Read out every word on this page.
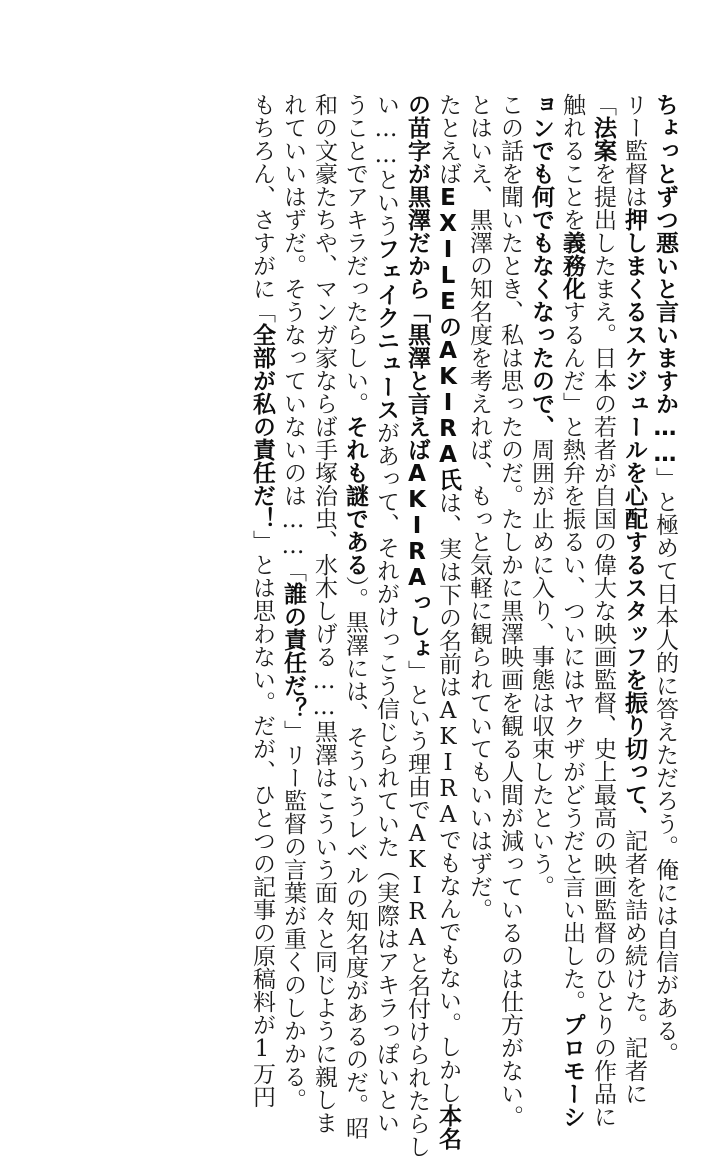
ちょっとずつ悪いと言いますか……」と極めて日本人的に答えただろう。俺には自信がある。
リー監督は押しまくるスケジュールを心配するスタッフを振り切って、記者を詰め続けた。記者に
「法案を提出したまえ。日本の若者が自国の偉大な映画監督、史上最高の映画監督のひとりの作品に
触れることを義務化するんだ」と熱弁を振るい、ついにはヤクザがどうだと言い出した。プロモーシ
ョンでも何でもなくなったので、周囲が止めに入り、事態は収束したという。
この話を聞いたとき、私は思ったのだ。たしかに黒澤映画を観る人間が減っているのは仕方がない。
とはいえ、黒澤の知名度を考えれば、もっと気軽に観られていてもいいはずだ。
たとえばEXILEのAKIRA氏は、実は下の名前はAKIRAでもなんでもない。しかし本名
の苗字が黒澤だから「黒澤と言えばAKIRAっしょ」という理由でAKIRAと名付けられたらし
い……というフェイクニュースがあって、それがけっこう信じられていた（実際はアキラっぽいとい
うことでアキラだったらしい。それも謎である）。黒澤には、そういうレベルの知名度があるのだ。昭
和の文豪たちや、マンガ家ならば手塚治虫、水木しげる……黒澤はこういう面々と同じように親しま
れていいはずだ。そうなっていないのは……「誰の責任だ？」リー監督の言葉が重くのしかかる。
もちろん、さすがに「全部が私の責任だ！」とは思わない。だが、ひとつの記事の原稿料が1万円
